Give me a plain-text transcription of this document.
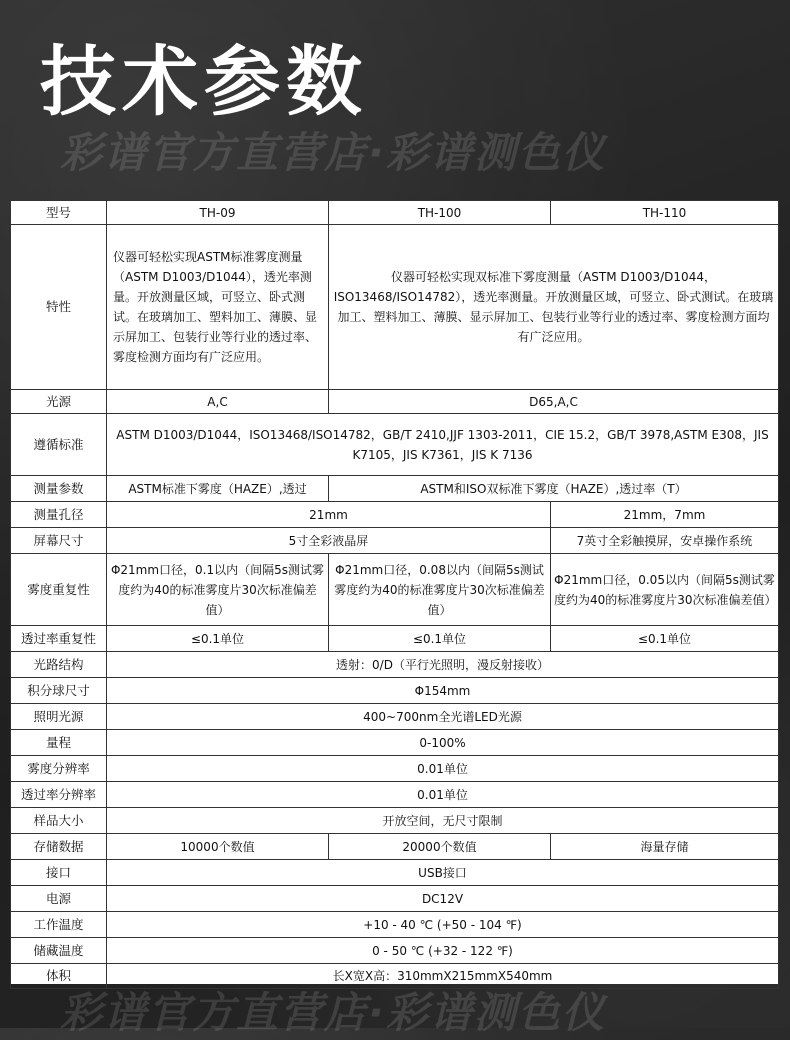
技术参数
彩谱官方直营店·彩谱测色仪
彩谱官方直营店·彩谱测色仪
型号	TH-09	TH-100	TH-110
特性	仪器可轻松实现ASTM标准雾度测量（ASTM D1003/D1044），透光率测量。开放测量区域，可竖立、卧式测试。在玻璃加工、塑料加工、薄膜、显示屏加工、包装行业等行业的透过率、雾度检测方面均有广泛应用。	仪器可轻松实现双标准下雾度测量（ASTM D1003/D1044，ISO13468/ISO14782），透光率测量。开放测量区域，可竖立、卧式测试。在玻璃加工、塑料加工、薄膜、显示屏加工、包装行业等行业的透过率、雾度检测方面均有广泛应用。	
光源	A,C	D65,A,C	
遵循标准	ASTM D1003/D1044，ISO13468/ISO14782，GB/T 2410,JJF 1303-2011，CIE 15.2，GB/T 3978,ASTM E308，JIS K7105，JIS K7361，JIS K 7136		
测量参数	ASTM标准下雾度（HAZE）,透过	ASTM和ISO双标准下雾度（HAZE）,透过率（T）	
测量孔径	21mm		21mm，7mm
屏幕尺寸	5寸全彩液晶屏		7英寸全彩触摸屏，安卓操作系统
雾度重复性	Φ21mm口径，0.1以内（间隔5s测试雾度约为40的标准雾度片30次标准偏差值）	Φ21mm口径，0.08以内（间隔5s测试雾度约为40的标准雾度片30次标准偏差值）	Φ21mm口径，0.05以内（间隔5s测试雾度约为40的标准雾度片30次标准偏差值）
透过率重复性	≤0.1单位	≤0.1单位	≤0.1单位
光路结构	透射：0/D（平行光照明，漫反射接收）		
积分球尺寸	Φ154mm		
照明光源	400~700nm全光谱LED光源		
量程	0-100%		
雾度分辨率	0.01单位		
透过率分辨率	0.01单位		
样品大小	开放空间，无尺寸限制		
存储数据	10000个数值	20000个数值	海量存储
接口	USB接口		
电源	DC12V		
工作温度	+10 - 40 ℃ (+50 - 104 ℉)		
储藏温度	0 - 50 ℃ (+32 - 122 ℉)		
体积	长X宽X高：310mmX215mmX540mm		
